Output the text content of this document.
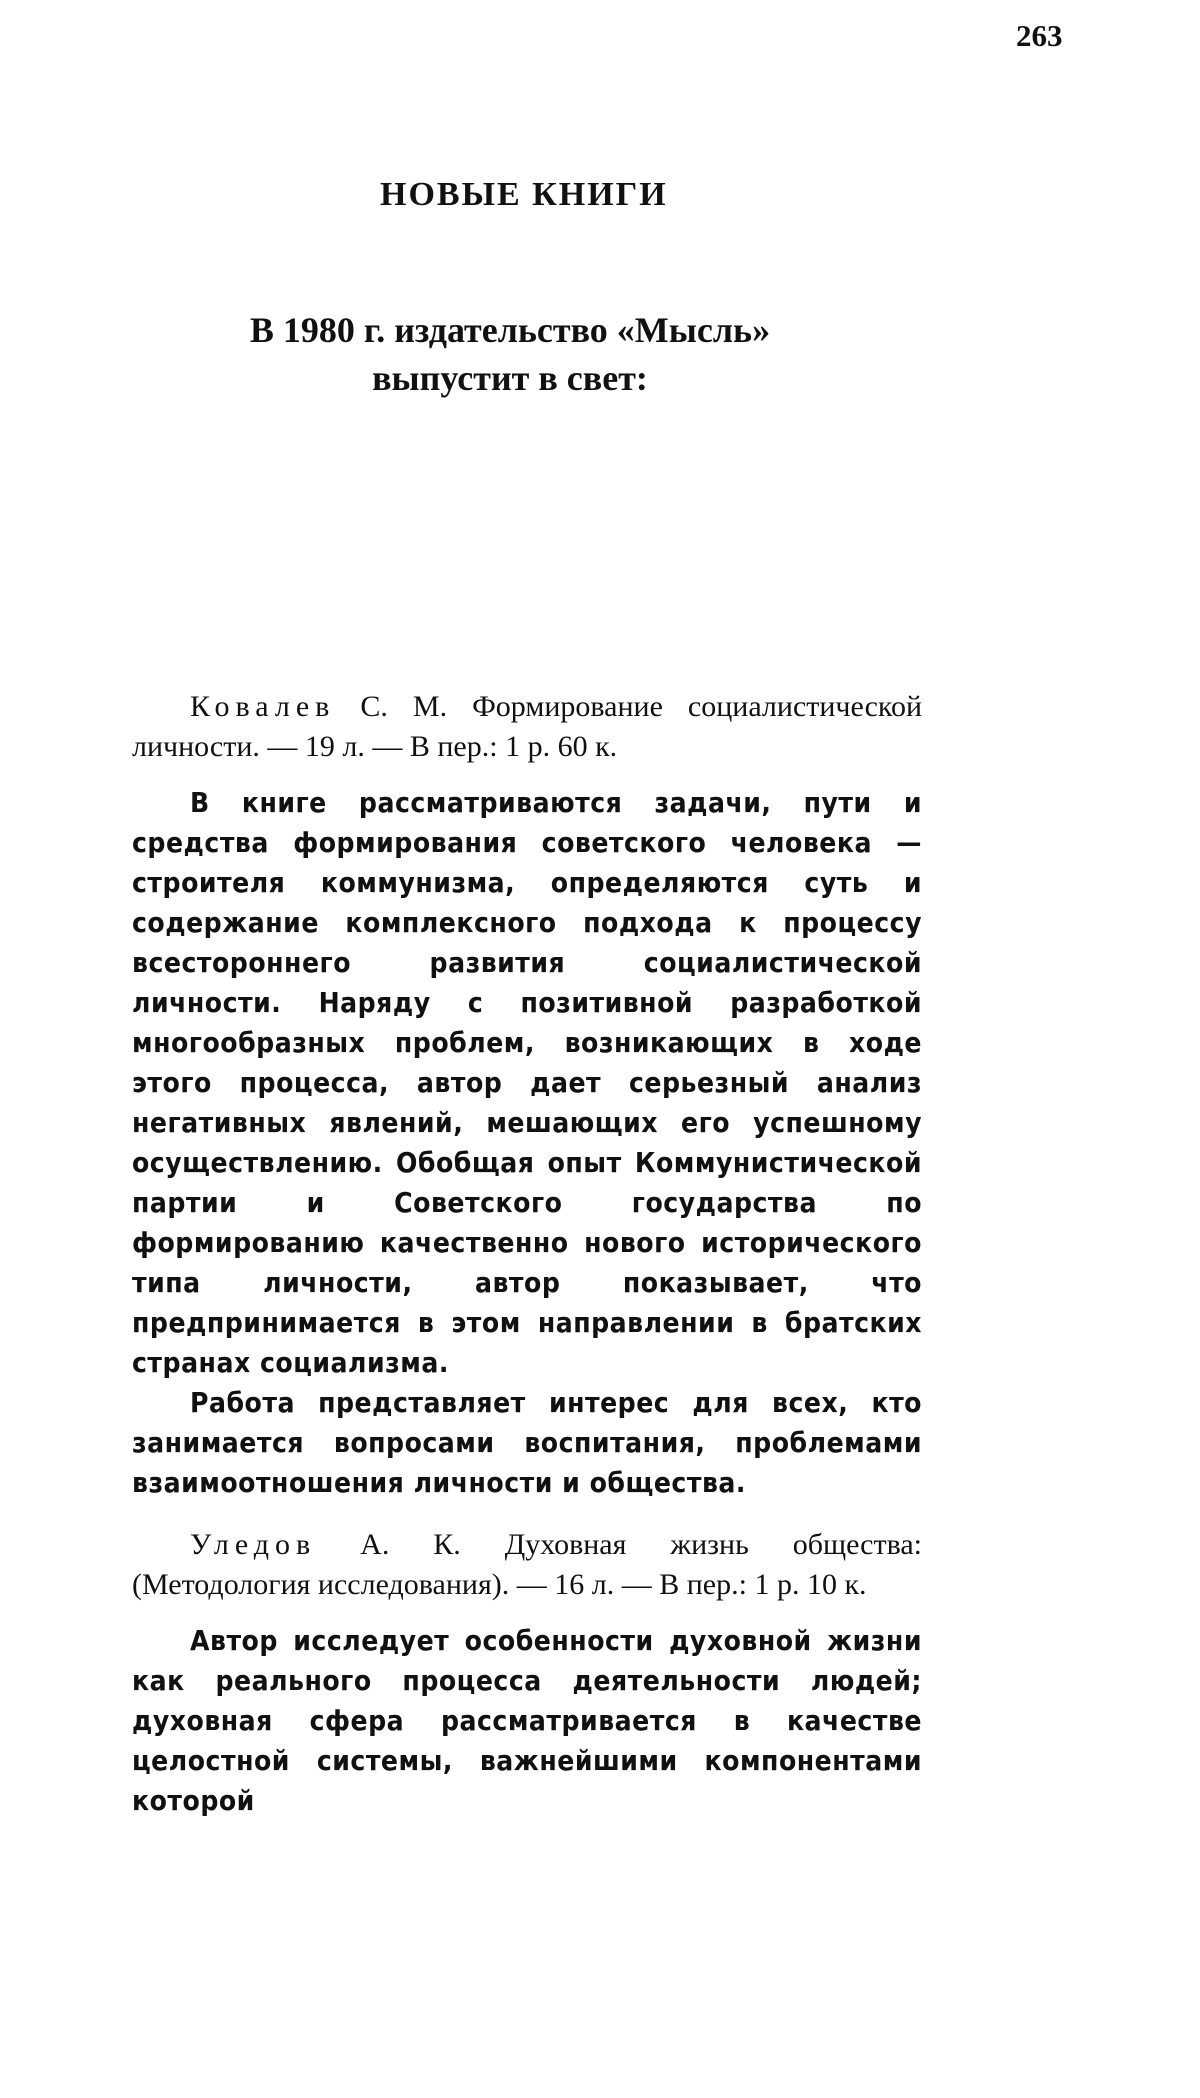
263
НОВЫЕ КНИГИ
В 1980 г. издательство «Мысль»
выпустит в свет:

Ковалев С. М. Формирование социалистической личности. — 19 л. — В пер.: 1 р. 60 к.

В книге рассматриваются задачи, пути и средства формирования советского человека — строителя коммунизма, определяются суть и содержание комплексного подхода к процессу всестороннего развития социалистической личности. Наряду с позитивной разработкой многообразных проблем, возникающих в ходе этого процесса, автор дает серьезный анализ негативных явлений, мешающих его успешному осуществлению. Обобщая опыт Коммунистической партии и Советского государства по формированию качественно нового исторического типа личности, автор показывает, что предпринимается в этом направлении в братских странах социализма.

Работа представляет интерес для всех, кто занимается вопросами воспитания, проблемами взаимоотношения личности и общества.

Уледов А. К. Духовная жизнь общества: (Методология исследования). — 16 л. — В пер.: 1 р. 10 к.

Автор исследует особенности духовной жизни как реального процесса деятельности людей; духовная сфера рассматривается в качестве целостной системы, важнейшими компонентами которой
